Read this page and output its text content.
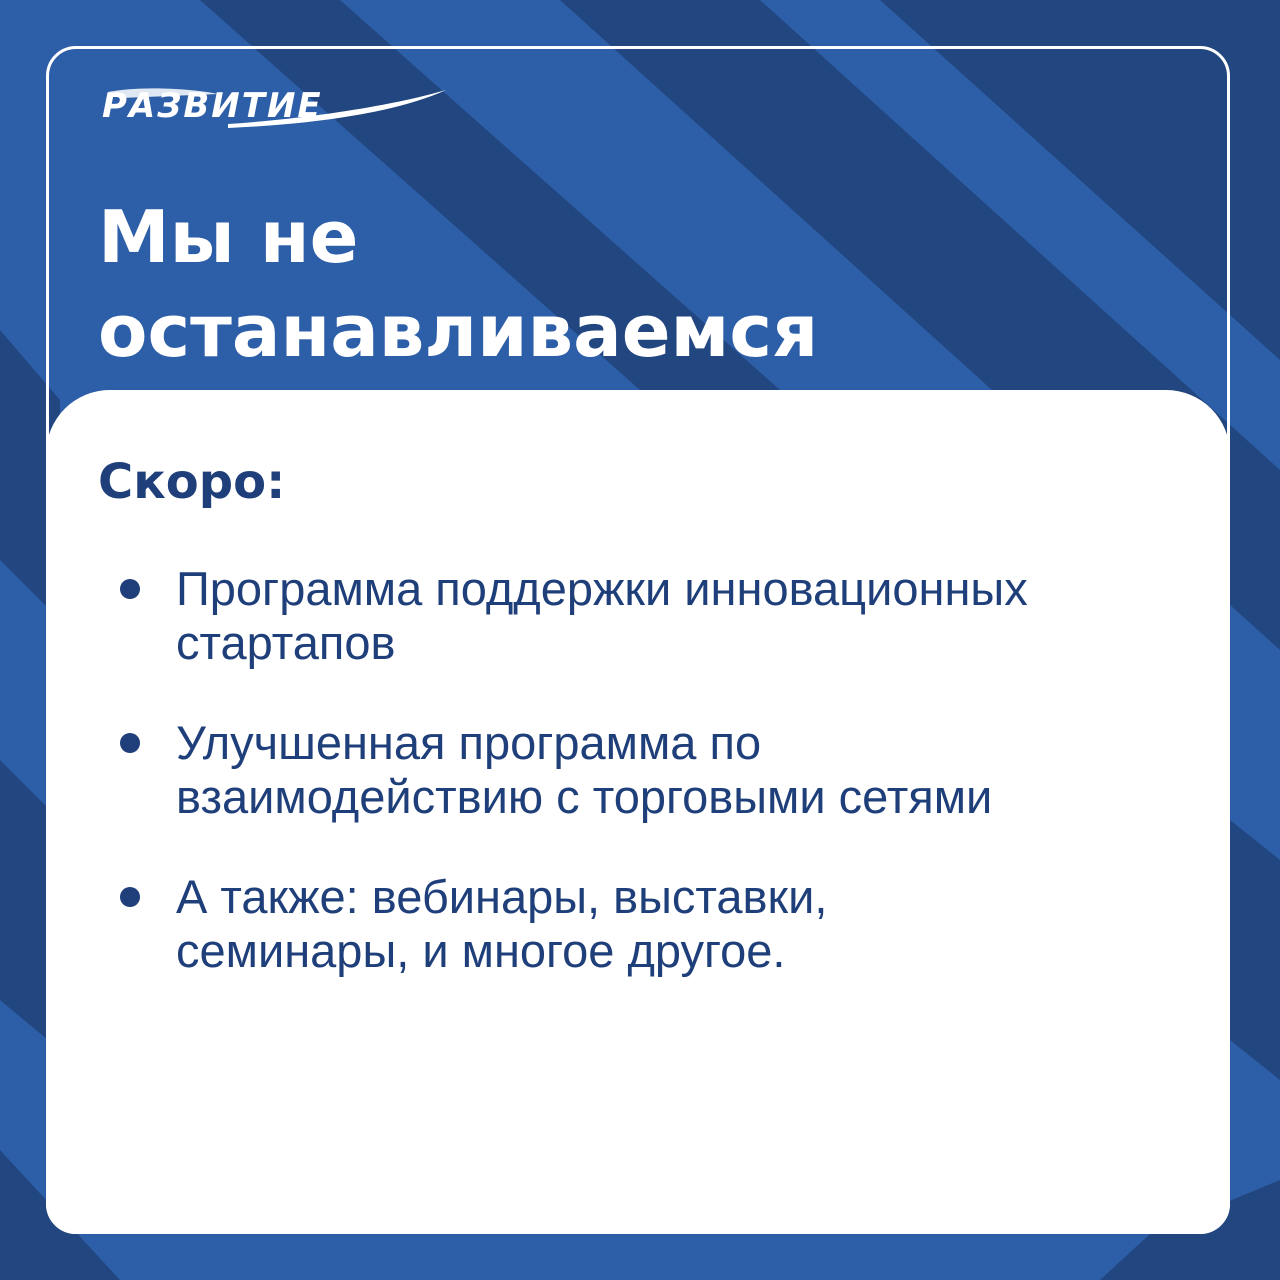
РАЗВИТИЕ
Мы не
останавливаемся
Скоро:
Программа поддержки инновационных
стартапов
Улучшенная программа по
взаимодействию с торговыми сетями
А также: вебинары, выставки,
семинары, и многое другое.
